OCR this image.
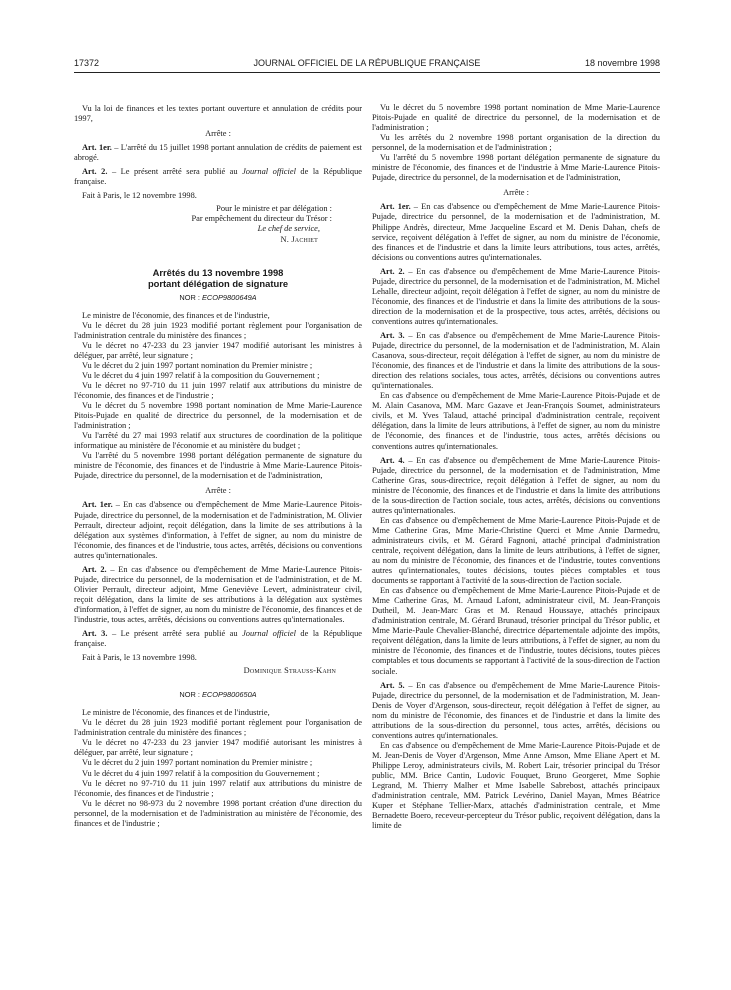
17372	JOURNAL OFFICIEL DE LA RÉPUBLIQUE FRANÇAISE	18 novembre 1998

Vu la loi de finances et les textes portant ouverture et annulation de crédits pour 1997,

Arrête :

Art. 1er. – L'arrêté du 15 juillet 1998 portant annulation de crédits de paiement est abrogé.

Art. 2. – Le présent arrêté sera publié au Journal officiel de la République française.

Fait à Paris, le 12 novembre 1998.

Pour le ministre et par délégation :

Par empêchement du directeur du Trésor :

Le chef de service,

N. Jachiet

Arrêtés du 13 novembre 1998
portant délégation de signature
NOR : ECOP9800649A

Le ministre de l'économie, des finances et de l'industrie,

Vu le décret du 28 juin 1923 modifié portant règlement pour l'organisation de l'administration centrale du ministère des finances ;

Vu le décret no 47-233 du 23 janvier 1947 modifié autorisant les ministres à déléguer, par arrêté, leur signature ;

Vu le décret du 2 juin 1997 portant nomination du Premier ministre ;

Vu le décret du 4 juin 1997 relatif à la composition du Gouvernement ;

Vu le décret no 97-710 du 11 juin 1997 relatif aux attributions du ministre de l'économie, des finances et de l'industrie ;

Vu le décret du 5 novembre 1998 portant nomination de Mme Marie-Laurence Pitois-Pujade en qualité de directrice du personnel, de la modernisation et de l'administration ;

Vu l'arrêté du 27 mai 1993 relatif aux structures de coordination de la politique informatique au ministère de l'économie et au ministère du budget ;

Vu l'arrêté du 5 novembre 1998 portant délégation permanente de signature du ministre de l'économie, des finances et de l'industrie à Mme Marie-Laurence Pitois-Pujade, directrice du personnel, de la modernisation et de l'administration,

Arrête :

Art. 1er. – En cas d'absence ou d'empêchement de Mme Marie-Laurence Pitois-Pujade, directrice du personnel, de la modernisation et de l'administration, M. Olivier Perrault, directeur adjoint, reçoit délégation, dans la limite de ses attributions à la délégation aux systèmes d'information, à l'effet de signer, au nom du ministre de l'économie, des finances et de l'industrie, tous actes, arrêtés, décisions ou conventions autres qu'internationales.

Art. 2. – En cas d'absence ou d'empêchement de Mme Marie-Laurence Pitois-Pujade, directrice du personnel, de la modernisation et de l'administration, et de M. Olivier Perrault, directeur adjoint, Mme Geneviève Levert, administrateur civil, reçoit délégation, dans la limite de ses attributions à la délégation aux systèmes d'information, à l'effet de signer, au nom du ministre de l'économie, des finances et de l'industrie, tous actes, arrêtés, décisions ou conventions autres qu'internationales.

Art. 3. – Le présent arrêté sera publié au Journal officiel de la République française.

Fait à Paris, le 13 novembre 1998.

Dominique Strauss-Kahn

NOR : ECOP9800650A

Le ministre de l'économie, des finances et de l'industrie,

Vu le décret du 28 juin 1923 modifié portant règlement pour l'organisation de l'administration centrale du ministère des finances ;

Vu le décret no 47-233 du 23 janvier 1947 modifié autorisant les ministres à déléguer, par arrêté, leur signature ;

Vu le décret du 2 juin 1997 portant nomination du Premier ministre ;

Vu le décret du 4 juin 1997 relatif à la composition du Gouvernement ;

Vu le décret no 97-710 du 11 juin 1997 relatif aux attributions du ministre de l'économie, des finances et de l'industrie ;

Vu le décret no 98-973 du 2 novembre 1998 portant création d'une direction du personnel, de la modernisation et de l'administration au ministère de l'économie, des finances et de l'industrie ;

Vu le décret du 5 novembre 1998 portant nomination de Mme Marie-Laurence Pitois-Pujade en qualité de directrice du personnel, de la modernisation et de l'administration ;

Vu les arrêtés du 2 novembre 1998 portant organisation de la direction du personnel, de la modernisation et de l'administration ;

Vu l'arrêté du 5 novembre 1998 portant délégation permanente de signature du ministre de l'économie, des finances et de l'industrie à Mme Marie-Laurence Pitois-Pujade, directrice du personnel, de la modernisation et de l'administration,

Arrête :

Art. 1er. – En cas d'absence ou d'empêchement de Mme Marie-Laurence Pitois-Pujade, directrice du personnel, de la modernisation et de l'administration, M. Philippe Andrès, directeur, Mme Jacqueline Escard et M. Denis Dahan, chefs de service, reçoivent délégation à l'effet de signer, au nom du ministre de l'économie, des finances et de l'industrie et dans la limite leurs attributions, tous actes, arrêtés, décisions ou conventions autres qu'internationales.

Art. 2. – En cas d'absence ou d'empêchement de Mme Marie-Laurence Pitois-Pujade, directrice du personnel, de la modernisation et de l'administration, M. Michel Lehalle, directeur adjoint, reçoit délégation à l'effet de signer, au nom du ministre de l'économie, des finances et de l'industrie et dans la limite des attributions de la sous-direction de la modernisation et de la prospective, tous actes, arrêtés, décisions ou conventions autres qu'internationales.

Art. 3. – En cas d'absence ou d'empêchement de Mme Marie-Laurence Pitois-Pujade, directrice du personnel, de la modernisation et de l'administration, M. Alain Casanova, sous-directeur, reçoit délégation à l'effet de signer, au nom du ministre de l'économie, des finances et de l'industrie et dans la limite des attributions de la sous-direction des relations sociales, tous actes, arrêtés, décisions ou conventions autres qu'internationales.

En cas d'absence ou d'empêchement de Mme Marie-Laurence Pitois-Pujade et de M. Alain Casanova, MM. Marc Gazave et Jean-François Soumet, administrateurs civils, et M. Yves Talaud, attaché principal d'administration centrale, reçoivent délégation, dans la limite de leurs attributions, à l'effet de signer, au nom du ministre de l'économie, des finances et de l'industrie, tous actes, arrêtés décisions ou conventions autres qu'internationales.

Art. 4. – En cas d'absence ou d'empêchement de Mme Marie-Laurence Pitois-Pujade, directrice du personnel, de la modernisation et de l'administration, Mme Catherine Gras, sous-directrice, reçoit délégation à l'effet de signer, au nom du ministre de l'économie, des finances et de l'industrie et dans la limite des attributions de la sous-direction de l'action sociale, tous actes, arrêtés, décisions ou conventions autres qu'internationales.

En cas d'absence ou d'empêchement de Mme Marie-Laurence Pitois-Pujade et de Mme Catherine Gras, Mme Marie-Christine Querci et Mme Annie Darmedru, administrateurs civils, et M. Gérard Fagnoni, attaché principal d'administration centrale, reçoivent délégation, dans la limite de leurs attributions, à l'effet de signer, au nom du ministre de l'économie, des finances et de l'industrie, toutes conventions autres qu'internationales, toutes décisions, toutes pièces comptables et tous documents se rapportant à l'activité de la sous-direction de l'action sociale.

En cas d'absence ou d'empêchement de Mme Marie-Laurence Pitois-Pujade et de Mme Catherine Gras, M. Arnaud Lafont, administrateur civil, M. Jean-François Dutheil, M. Jean-Marc Gras et M. Renaud Houssaye, attachés principaux d'administration centrale, M. Gérard Brunaud, trésorier principal du Trésor public, et Mme Marie-Paule Chevalier-Blanché, directrice départementale adjointe des impôts, reçoivent délégation, dans la limite de leurs attributions, à l'effet de signer, au nom du ministre de l'économie, des finances et de l'industrie, toutes décisions, toutes pièces comptables et tous documents se rapportant à l'activité de la sous-direction de l'action sociale.

Art. 5. – En cas d'absence ou d'empêchement de Mme Marie-Laurence Pitois-Pujade, directrice du personnel, de la modernisation et de l'administration, M. Jean-Denis de Voyer d'Argenson, sous-directeur, reçoit délégation à l'effet de signer, au nom du ministre de l'économie, des finances et de l'industrie et dans la limite des attributions de la sous-direction du personnel, tous actes, arrêtés, décisions ou conventions autres qu'internationales.

En cas d'absence ou d'empêchement de Mme Marie-Laurence Pitois-Pujade et de M. Jean-Denis de Voyer d'Argenson, Mme Anne Amson, Mme Eliane Apert et M. Philippe Leroy, administrateurs civils, M. Robert Lair, trésorier principal du Trésor public, MM. Brice Cantin, Ludovic Fouquet, Bruno Georgeret, Mme Sophie Legrand, M. Thierry Malher et Mme Isabelle Sabrebost, attachés principaux d'administration centrale, MM. Patrick Levérino, Daniel Mayan, Mmes Béatrice Kuper et Stéphane Tellier-Marx, attachés d'administration centrale, et Mme Bernadette Boero, receveur-percepteur du Trésor public, reçoivent délégation, dans la limite de
